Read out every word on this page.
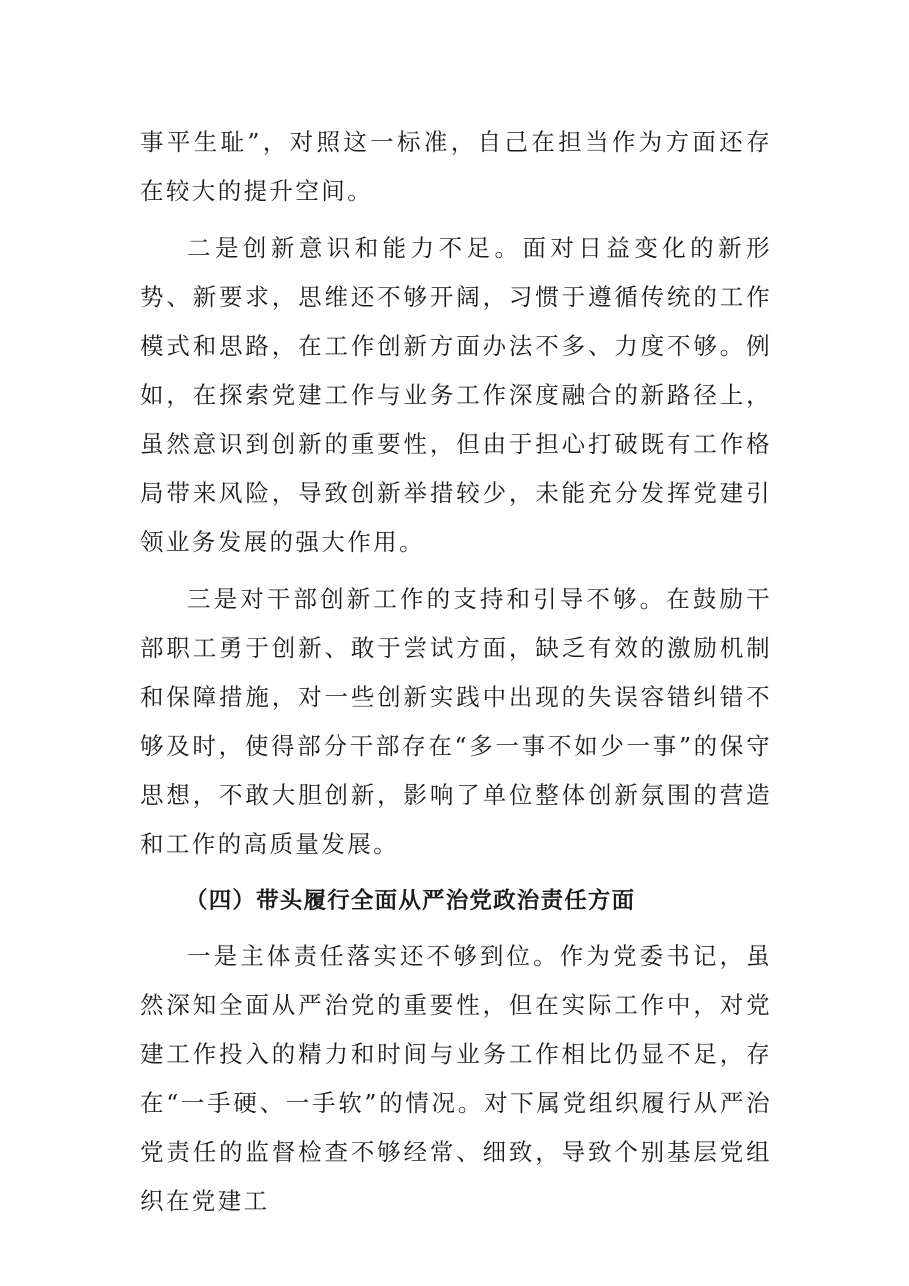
事平生耻”，对照这一标准，自己在担当作为方面还存在较大的提升空间。

二是创新意识和能力不足。面对日益变化的新形势、新要求，思维还不够开阔，习惯于遵循传统的工作模式和思路，在工作创新方面办法不多、力度不够。例如，在探索党建工作与业务工作深度融合的新路径上，虽然意识到创新的重要性，但由于担心打破既有工作格局带来风险，导致创新举措较少，未能充分发挥党建引领业务发展的强大作用。

三是对干部创新工作的支持和引导不够。在鼓励干部职工勇于创新、敢于尝试方面，缺乏有效的激励机制和保障措施，对一些创新实践中出现的失误容错纠错不够及时，使得部分干部存在“多一事不如少一事”的保守思想，不敢大胆创新，影响了单位整体创新氛围的营造和工作的高质量发展。

（四）带头履行全面从严治党政治责任方面

一是主体责任落实还不够到位。作为党委书记，虽然深知全面从严治党的重要性，但在实际工作中，对党建工作投入的精力和时间与业务工作相比仍显不足，存在“一手硬、一手软”的情况。对下属党组织履行从严治党责任的监督检查不够经常、细致，导致个别基层党组织在党建工
